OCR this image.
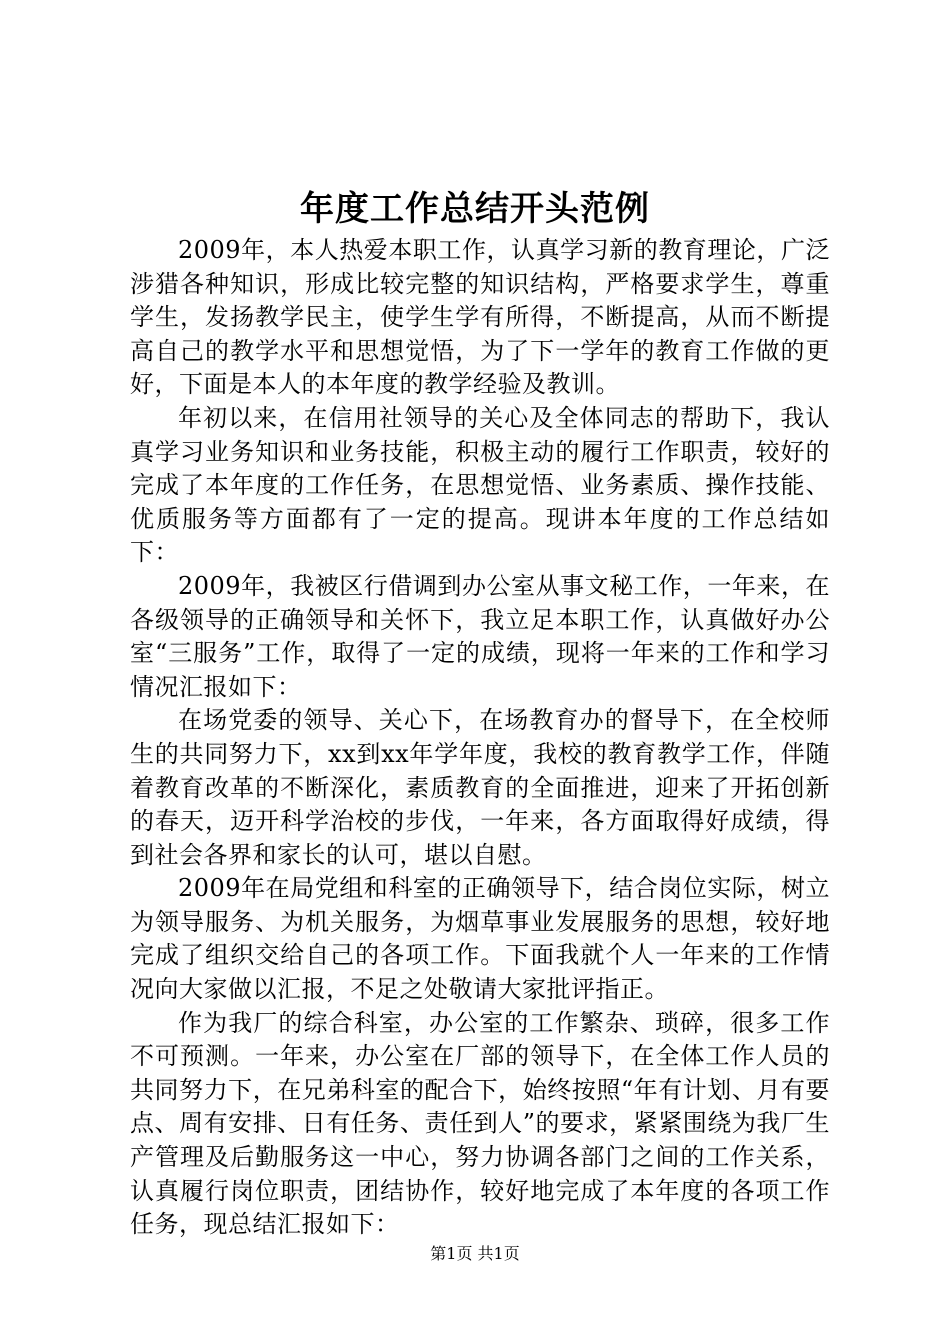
年度工作总结开头范例

2009年，本人热爱本职工作，认真学习新的教育理论，广泛涉猎各种知识，形成比较完整的知识结构，严格要求学生，尊重学生，发扬教学民主，使学生学有所得，不断提高，从而不断提高自己的教学水平和思想觉悟，为了下一学年的教育工作做的更好，下面是本人的本年度的教学经验及教训。

年初以来，在信用社领导的关心及全体同志的帮助下，我认真学习业务知识和业务技能，积极主动的履行工作职责，较好的完成了本年度的工作任务，在思想觉悟、业务素质、操作技能、优质服务等方面都有了一定的提高。现讲本年度的工作总结如下：

2009年，我被区行借调到办公室从事文秘工作，一年来，在各级领导的正确领导和关怀下，我立足本职工作，认真做好办公室“三服务”工作，取得了一定的成绩，现将一年来的工作和学习情况汇报如下：

在场党委的领导、关心下，在场教育办的督导下，在全校师生的共同努力下，xx到xx年学年度，我校的教育教学工作，伴随着教育改革的不断深化，素质教育的全面推进，迎来了开拓创新的春天，迈开科学治校的步伐，一年来，各方面取得好成绩，得到社会各界和家长的认可，堪以自慰。

2009年在局党组和科室的正确领导下，结合岗位实际，树立为领导服务、为机关服务，为烟草事业发展服务的思想，较好地完成了组织交给自己的各项工作。下面我就个人一年来的工作情况向大家做以汇报，不足之处敬请大家批评指正。

作为我厂的综合科室，办公室的工作繁杂、琐碎，很多工作不可预测。一年来，办公室在厂部的领导下，在全体工作人员的共同努力下，在兄弟科室的配合下，始终按照“年有计划、月有要点、周有安排、日有任务、责任到人”的要求，紧紧围绕为我厂生产管理及后勤服务这一中心，努力协调各部门之间的工作关系，认真履行岗位职责，团结协作，较好地完成了本年度的各项工作任务，现总结汇报如下：

第1页 共1页
